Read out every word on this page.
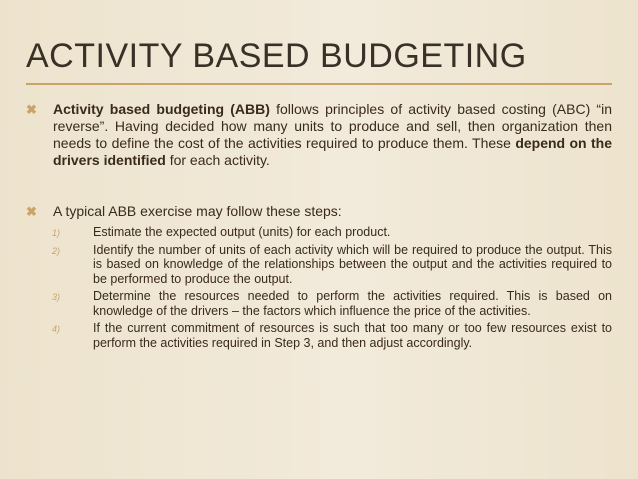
ACTIVITY BASED BUDGETING
✖ Activity based budgeting (ABB) follows principles of activity based costing (ABC) “in reverse”. Having decided how many units to produce and sell, then organization then needs to define the cost of the activities required to produce them. These depend on the drivers identified for each activity.
✖ A typical ABB exercise may follow these steps:
1)	Estimate the expected output (units) for each product.
2)	Identify the number of units of each activity which will be required to produce the output. This is based on knowledge of the relationships between the output and the activities required to be performed to produce the output.
3)	Determine the resources needed to perform the activities required. This is based on knowledge of the drivers – the factors which influence the price of the activities.
4)	If the current commitment of resources is such that too many or too few resources exist to perform the activities required in Step 3, and then adjust accordingly.
